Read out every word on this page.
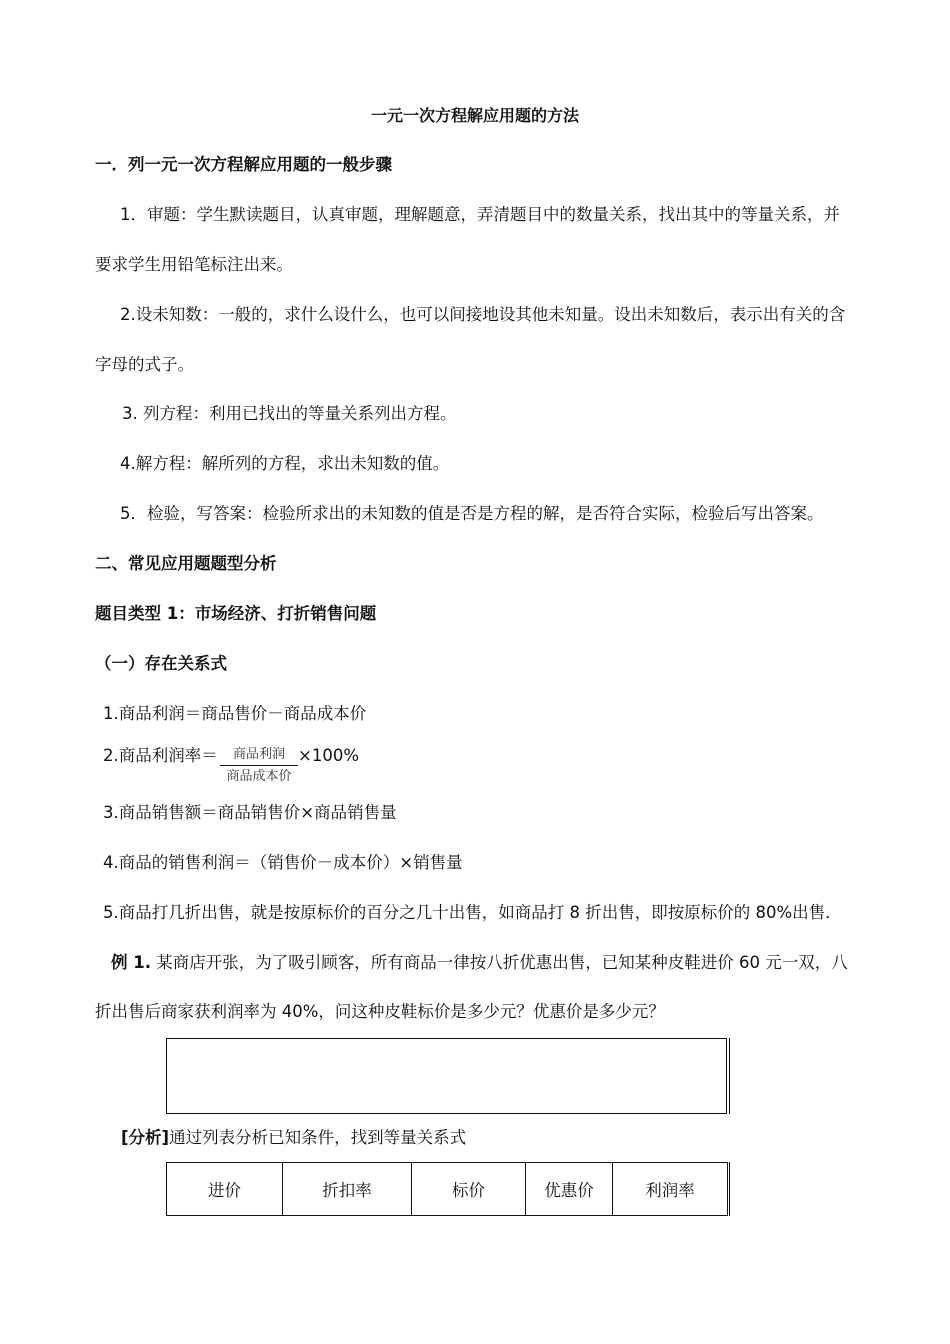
一元一次方程解应用题的方法
一．列一元一次方程解应用题的一般步骤
1．审题：学生默读题目，认真审题，理解题意，弄清题目中的数量关系，找出其中的等量关系，并
要求学生用铅笔标注出来。
2.设未知数：一般的，求什么设什么，也可以间接地设其他未知量。设出未知数后，表示出有关的含
字母的式子。
3. 列方程：利用已找出的等量关系列出方程。
4.解方程：解所列的方程，求出未知数的值。
5．检验，写答案：检验所求出的未知数的值是否是方程的解，是否符合实际，检验后写出答案。
二、常见应用题题型分析
题目类型 1：市场经济、打折销售问题
（一）存在关系式
1.商品利润＝商品售价－商品成本价
2.商品利润率＝	商品利润
商品成本价
×100%
3.商品销售额＝商品销售价×商品销售量
4.商品的销售利润＝（销售价－成本价）×销售量
5.商品打几折出售，就是按原标价的百分之几十出售，如商品打 8 折出售，即按原标价的 80%出售．
例 1. 某商店开张，为了吸引顾客，所有商品一律按八折优惠出售，已知某种皮鞋进价 60 元一双，八
折出售后商家获利润率为 40%，问这种皮鞋标价是多少元？优惠价是多少元？
[分析]通过列表分析已知条件，找到等量关系式
进价	折扣率	标价	优惠价	利润率
